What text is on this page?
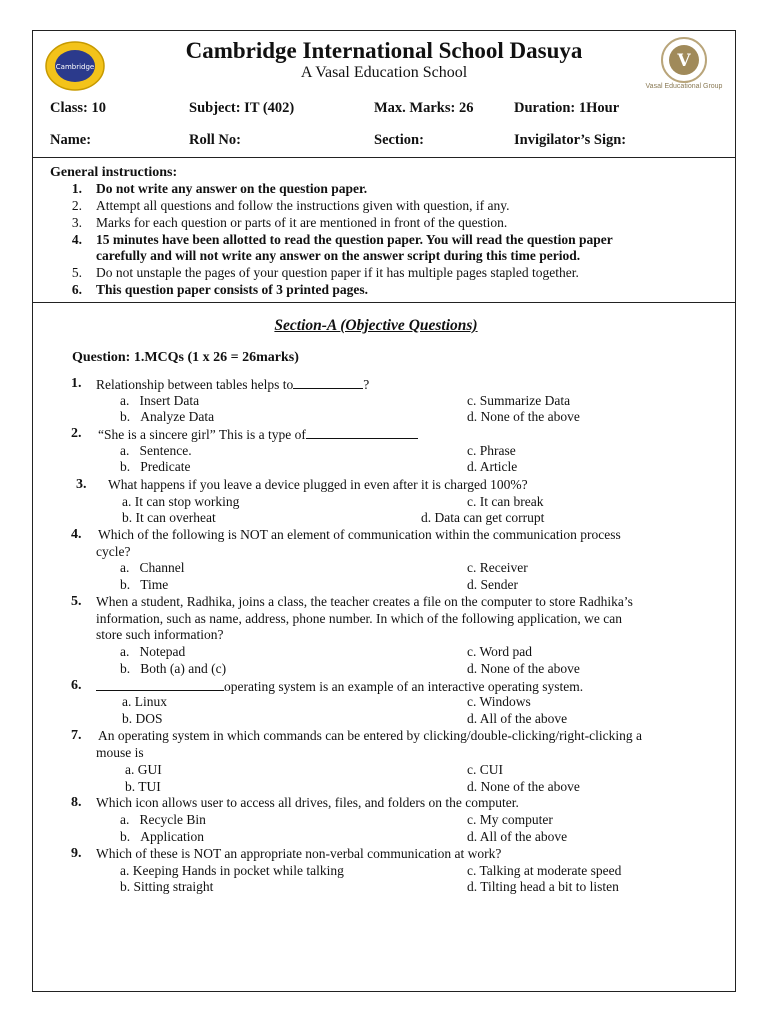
Cambridge	V
Vasal Educational Group
Cambridge International School Dasuya
A Vasal Education School
Class: 10	Subject: IT (402)	Max. Marks: 26	Duration: 1Hour
Name:	Roll No:	Section:	Invigilator’s Sign:
General instructions:
1. Do not write any answer on the question paper.
2. Attempt all questions and follow the instructions given with question, if any.
3. Marks for each question or parts of it are mentioned in front of the question.
4. 15 minutes have been allotted to read the question paper. You will read the question paper
carefully and will not write any answer on the answer script during this time period.
5. Do not unstaple the pages of your question paper if it has multiple pages stapled together.
6. This question paper consists of 3 printed pages.
Section-A (Objective Questions)
Question: 1.MCQs (1 x 26 = 26marks)
1. Relationship between tables helps to	?
a.   Insert Data	c. Summarize Data
b.   Analyze Data	d. None of the above
2. “She is a sincere girl” This is a type of
a.   Sentence.	c. Phrase
b.   Predicate	d. Article
3. What happens if you leave a device plugged in even after it is charged 100%?
a. It can stop working	c. It can break
b. It can overheat	d. Data can get corrupt
4. Which of the following is NOT an element of communication within the communication process
cycle?
a.   Channel	c. Receiver
b.   Time	d. Sender
5. When a student, Radhika, joins a class, the teacher creates a file on the computer to store Radhika’s
information, such as name, address, phone number. In which of the following application, we can
store such information?
a.   Notepad	c. Word pad
b.   Both (a) and (c)	d. None of the above
6.	operating system is an example of an interactive operating system.
a. Linux	c. Windows
b. DOS	d. All of the above
7. An operating system in which commands can be entered by clicking/double-clicking/right-clicking a
mouse is
a. GUI	c. CUI
b. TUI	d. None of the above
8. Which icon allows user to access all drives, files, and folders on the computer.
a.   Recycle Bin	c. My computer
b.   Application	d. All of the above
9. Which of these is NOT an appropriate non-verbal communication at work?
a. Keeping Hands in pocket while talking	c. Talking at moderate speed
b. Sitting straight	d. Tilting head a bit to listen
